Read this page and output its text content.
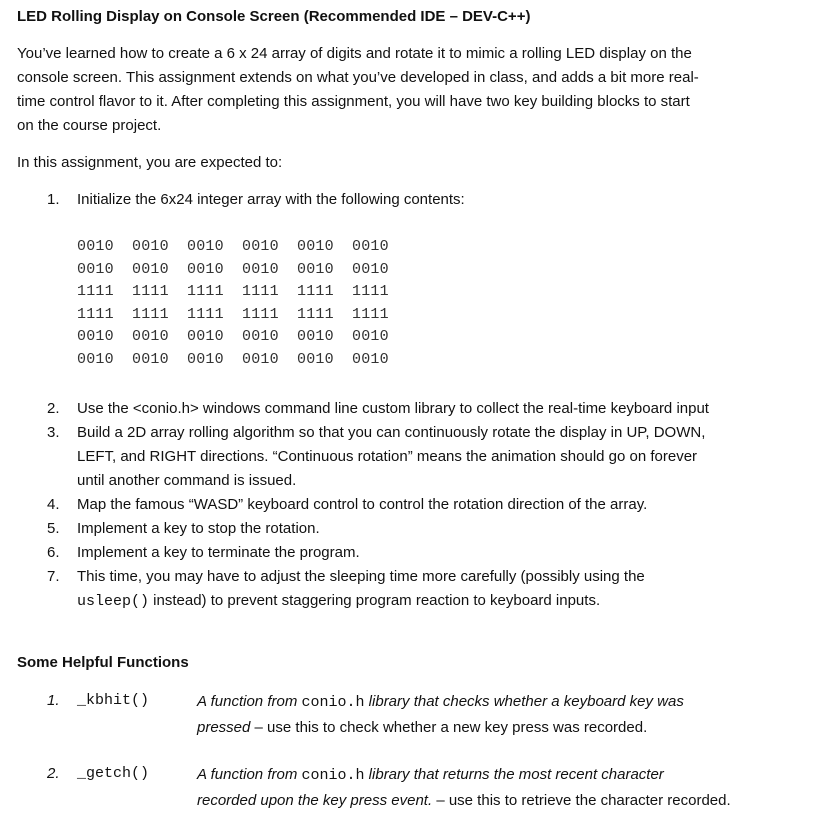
LED Rolling Display on Console Screen (Recommended IDE – DEV-C++)
You’ve learned how to create a 6 x 24 array of digits and rotate it to mimic a rolling LED display on the
console screen. This assignment extends on what you’ve developed in class, and adds a bit more real-
time control flavor to it. After completing this assignment, you will have two key building blocks to start
on the course project.
In this assignment, you are expected to:
1. Initialize the 6x24 integer array with the following contents:
0010 0010 0010 0010 0010 0010
0010 0010 0010 0010 0010 0010
1111 1111 1111 1111 1111 1111
1111 1111 1111 1111 1111 1111
0010 0010 0010 0010 0010 0010
0010 0010 0010 0010 0010 0010
2. Use the <conio.h> windows command line custom library to collect the real-time keyboard input
3. Build a 2D array rolling algorithm so that you can continuously rotate the display in UP, DOWN,
LEFT, and RIGHT directions. “Continuous rotation” means the animation should go on forever
until another command is issued.
4. Map the famous “WASD” keyboard control to control the rotation direction of the array.
5. Implement a key to stop the rotation.
6. Implement a key to terminate the program.
7. This time, you may have to adjust the sleeping time more carefully (possibly using the
usleep() instead) to prevent staggering program reaction to keyboard inputs.
Some Helpful Functions
1. _kbhit()	A function from conio.h library that checks whether a keyboard key was
pressed – use this to check whether a new key press was recorded.
2. _getch()	A function from conio.h library that returns the most recent character
recorded upon the key press event. – use this to retrieve the character recorded.
